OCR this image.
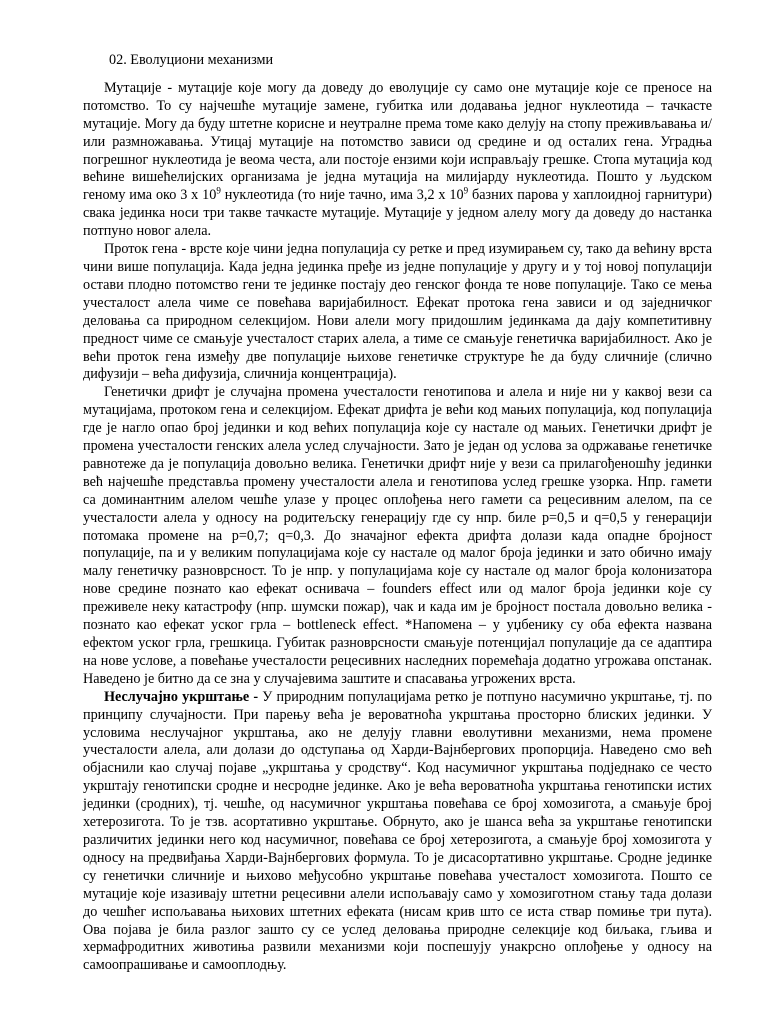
02. Еволуциони механизми

Мутације - мутације које могу да доведу до еволуције су само оне мутације које се преносе на потомство. То су најчешће мутације замене, губитка или додавања једног нуклеотида – тачкасте мутације. Могу да буду штетне корисне и неутралне према томе како делују на стопу преживљавања и/или размножавања. Утицај мутације на потомство зависи од средине и од осталих гена. Уградња погрешног нуклеотида је веома честа, али постоје ензими који исправљају грешке. Стопа мутација код већине вишећелијских организама је једна мутација на милијарду нуклеотида. Пошто у људском геному има око 3 х $10^9$ нуклеотида (то није тачно, има 3,2 х $10^9$ базних парова у хаплоидној гарнитури) свака јединка носи три такве тачкасте мутације. Мутације у једном алелу могу да доведу до настанка потпуно новог алела.

Проток гена - врсте које чини једна популација су ретке и пред изумирањем су, тако да већину врста чини више популација. Када једна јединка пређе из једне популације у другу и у тој новој популацији остави плодно потомство гени те јединке постају део генског фонда те нове популације. Тако се мења учесталост алела чиме се повећава варијабилност. Ефекат протока гена зависи и од заједничког деловања са природном селекцијом. Нови алели могу придошлим јединкама да дају компетитивну предност чиме се смањује учесталост старих алела, а тиме се смањује генетичка варијабилност. Ако је већи проток гена између две популације њихове генетичке структуре ће да буду сличније (слично дифузији – већа дифузија, сличнија концентрација).

Генетички дрифт је случајна промена учесталости генотипова и алела и није ни у каквој вези са мутацијама, протоком гена и селекцијом. Ефекат дрифта је већи код мањих популација, код популација где је нагло опао број јединки и код већих популација које су настале од мањих. Генетички дрифт је промена учесталости генских алела услед случајности. Зато је један од услова за одржавање генетичке равнотеже да је популација довољно велика. Генетички дрифт није у вези са прилагођеношћу јединки већ најчешће представља промену учесталости алела и генотипова услед грешке узорка. Нпр. гамети са доминантним алелом чешће улазе у процес оплођења него гамети са рецесивним алелом, па се учесталости алела у односу на родитељску генерацију где су нпр. биле р=0,5 и q=0,5 у генерацији потомака промене на р=0,7; q=0,3. До значајног ефекта дрифта долази када опадне бројност популације, па и у великим популацијама које су настале од малог броја јединки и зато обично имају малу генетичку разноврсност. То је нпр. у популацијама које су настале од малог броја колонизатора нове средине познато као ефекат оснивача – founders effect или од малог броја јединки које су преживеле неку катастрофу (нпр. шумски пожар), чак и када им је бројност постала довољно велика - познато као ефекат уског грла – bottleneck effect. *Напомена – у уџбенику су оба ефекта названа ефектом уског грла, грешкица. Губитак разноврсности смањује потенцијал популације да се адаптира на нове услове, а повећање учесталости рецесивних наследних поремећаја додатно угрожава опстанак. Наведено је битно да се зна у случајевима заштите и спасавања угрожених врста.

Неслучајно укрштање - У природним популацијама ретко је потпуно насумично укрштање, тј. по принципу случајности. При парењу већа је вероватноћа укрштања просторно блиских јединки. У условима неслучајног укрштања, ако не делују главни еволутивни механизми, нема промене учесталости алела, али долази до одступања од Харди-Вајнбергових пропорција. Наведено смо већ објаснили као случај појаве „укрштања у сродству“. Код насумичног укрштања подједнако се често укрштају генотипски сродне и несродне јединке. Ако је већа вероватноћа укрштања генотипски истих јединки (сродних), тј. чешће, од насумичног укрштања повећава се број хомозигота, а смањује број хетерозигота. То је тзв. асортативно укрштање. Обрнуто, ако је шанса већа за укрштање генотипски различитих јединки него код насумичног, повећава се број хетерозигота, а смањује број хомозигота у односу на предвиђања Харди-Вајнбергових формула. То је дисасортативно укрштање. Сродне јединке су генетички сличније и њихово међусобно укрштање повећава учесталост хомозигота. Пошто се мутације које изазивају штетни рецесивни алели испољавају само у хомозиготном стању тада долази до чешћег испољавања њихових штетних ефеката (нисам крив што се иста ствар помиње три пута). Ова појава је била разлог зашто су се услед деловања природне селекције код биљака, гљива и хермафродитних животиња развили механизми који поспешују унакрсно оплођење у односу на самоопрашивање и самооплодњу.
